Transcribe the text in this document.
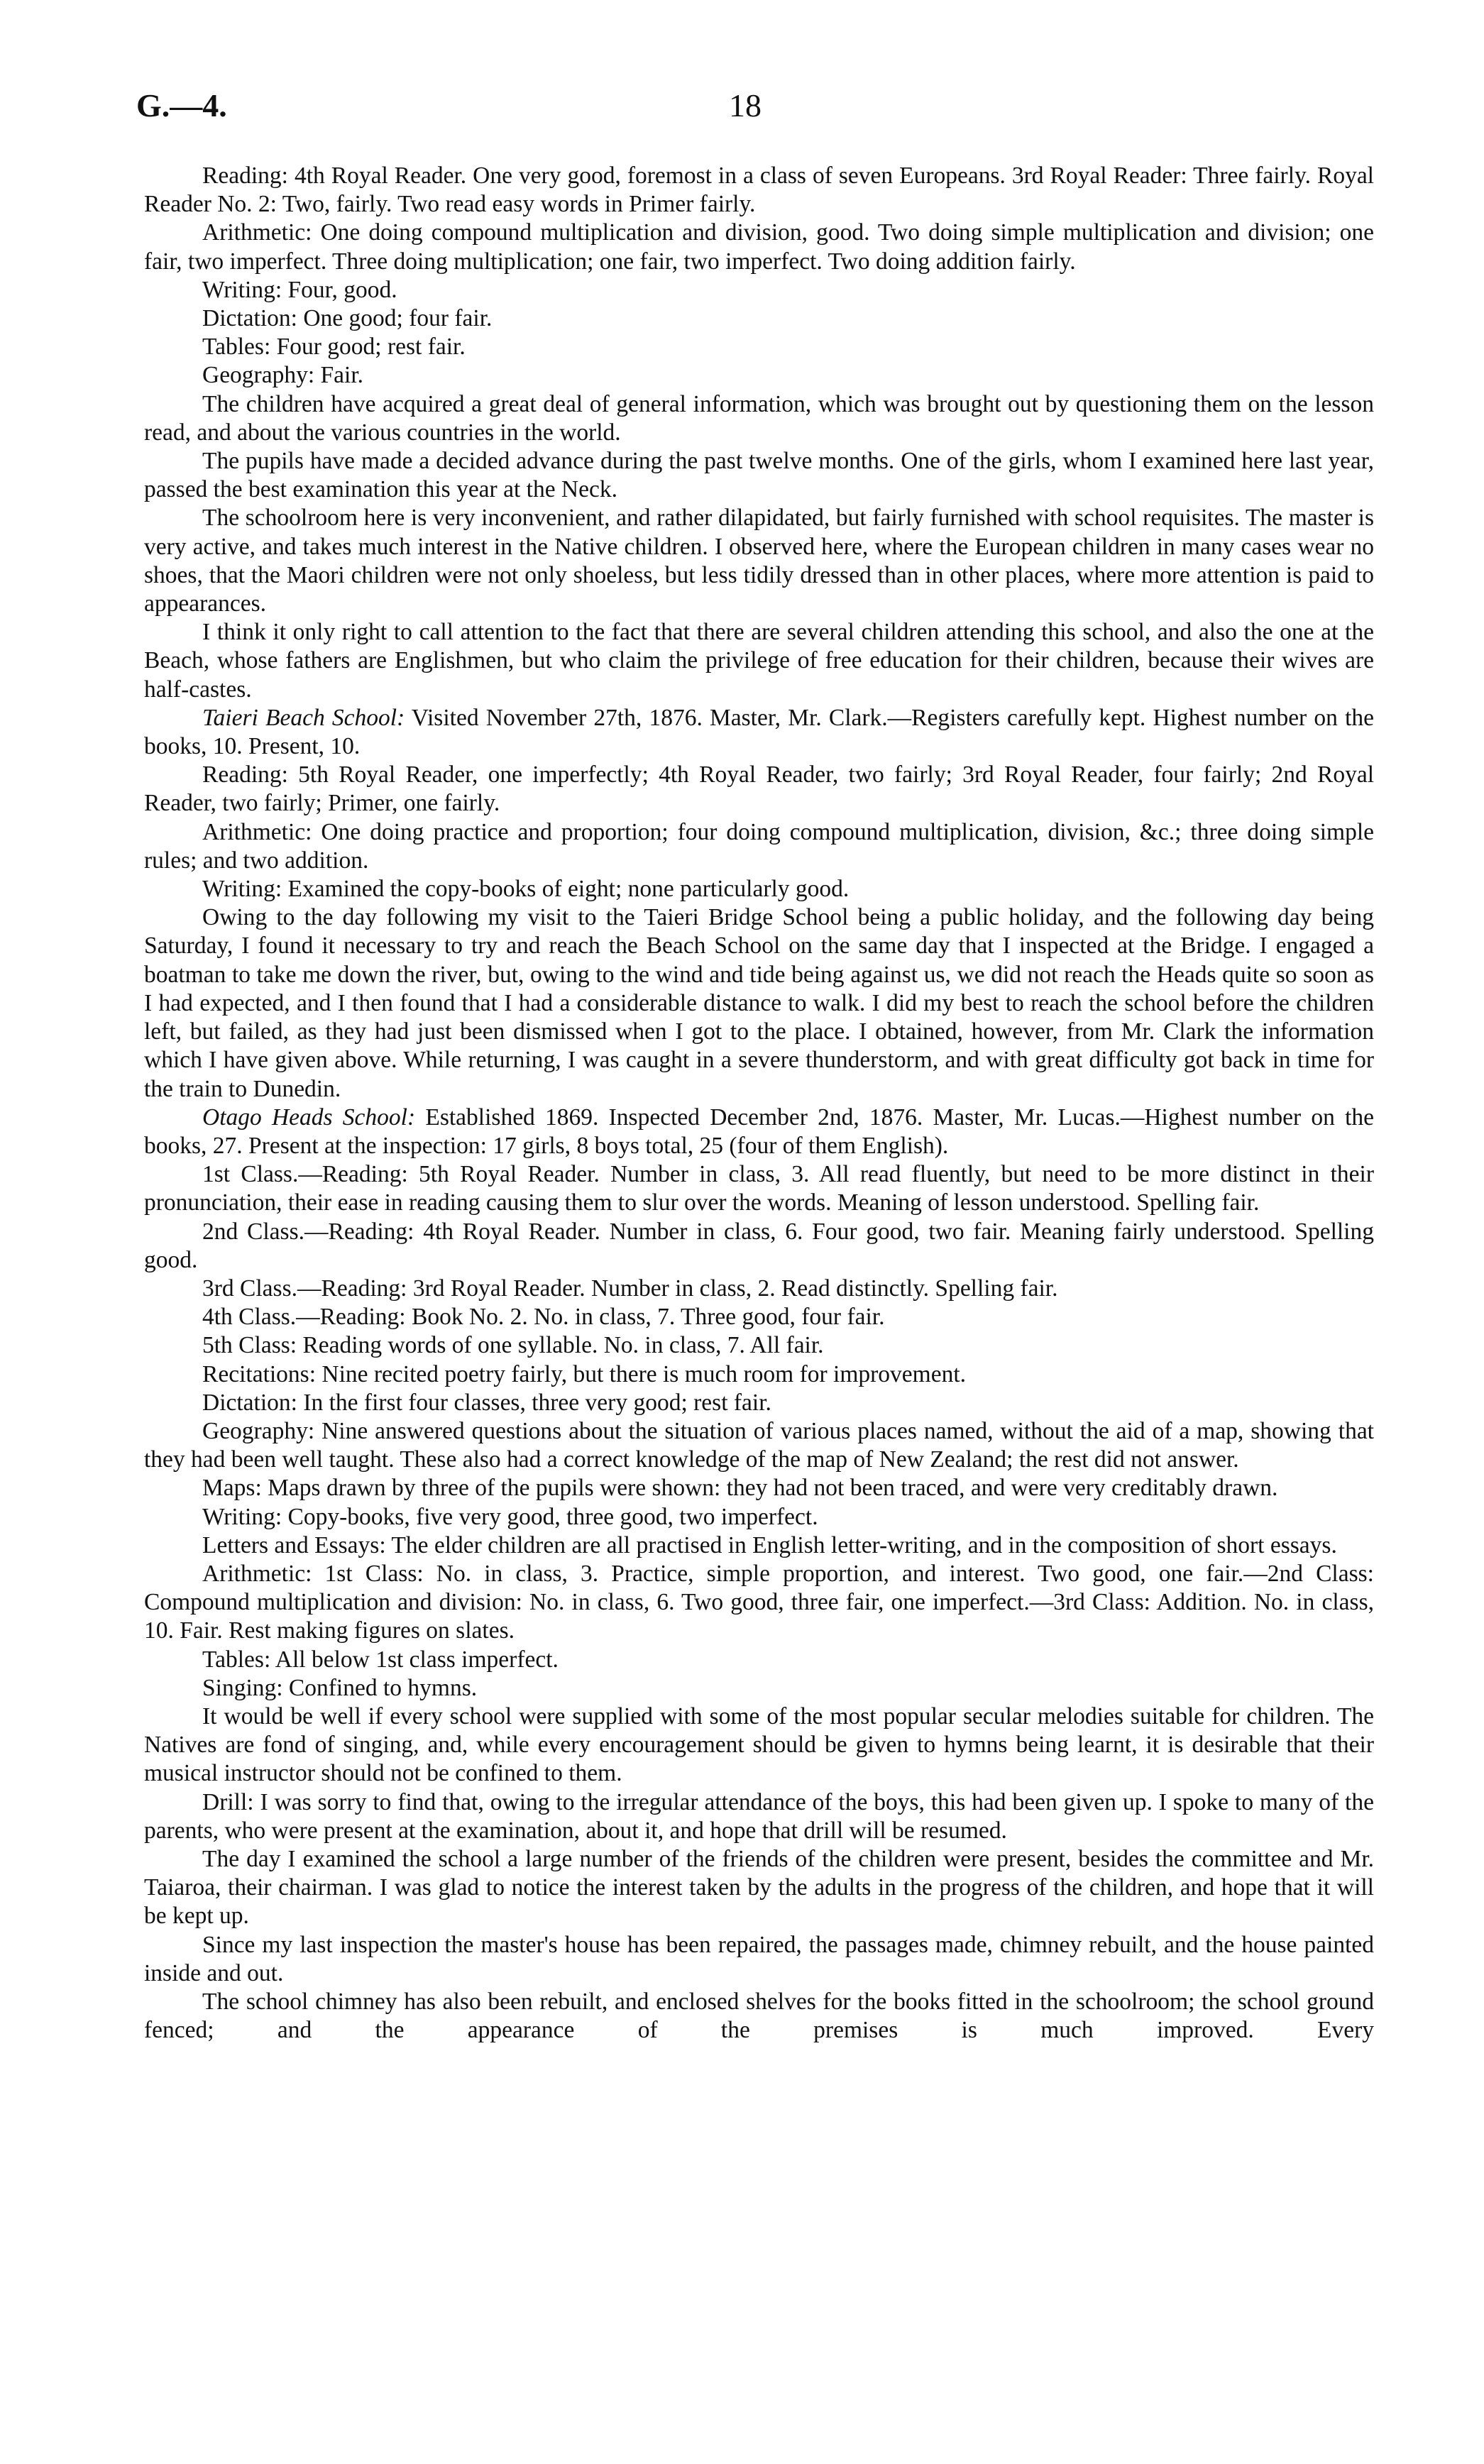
G.—4.	18

Reading: 4th Royal Reader. One very good, foremost in a class of seven Europeans. 3rd Royal Reader: Three fairly. Royal Reader No. 2: Two, fairly. Two read easy words in Primer fairly.

Arithmetic: One doing compound multiplication and division, good. Two doing simple multiplication and division; one fair, two imperfect. Three doing multiplication; one fair, two imperfect. Two doing addition fairly.

Writing: Four, good.

Dictation: One good; four fair.

Tables: Four good; rest fair.

Geography: Fair.

The children have acquired a great deal of general information, which was brought out by questioning them on the lesson read, and about the various countries in the world.

The pupils have made a decided advance during the past twelve months. One of the girls, whom I examined here last year, passed the best examination this year at the Neck.

The schoolroom here is very inconvenient, and rather dilapidated, but fairly furnished with school requisites. The master is very active, and takes much interest in the Native children. I observed here, where the European children in many cases wear no shoes, that the Maori children were not only shoeless, but less tidily dressed than in other places, where more attention is paid to appearances.

I think it only right to call attention to the fact that there are several children attending this school, and also the one at the Beach, whose fathers are Englishmen, but who claim the privilege of free education for their children, because their wives are half-castes.

Taieri Beach School: Visited November 27th, 1876. Master, Mr. Clark.—Registers carefully kept. Highest number on the books, 10. Present, 10.

Reading: 5th Royal Reader, one imperfectly; 4th Royal Reader, two fairly; 3rd Royal Reader, four fairly; 2nd Royal Reader, two fairly; Primer, one fairly.

Arithmetic: One doing practice and proportion; four doing compound multiplication, division, &c.; three doing simple rules; and two addition.

Writing: Examined the copy-books of eight; none particularly good.

Owing to the day following my visit to the Taieri Bridge School being a public holiday, and the following day being Saturday, I found it necessary to try and reach the Beach School on the same day that I inspected at the Bridge. I engaged a boatman to take me down the river, but, owing to the wind and tide being against us, we did not reach the Heads quite so soon as I had expected, and I then found that I had a considerable distance to walk. I did my best to reach the school before the children left, but failed, as they had just been dismissed when I got to the place. I obtained, however, from Mr. Clark the information which I have given above. While returning, I was caught in a severe thunderstorm, and with great difficulty got back in time for the train to Dunedin.

Otago Heads School: Established 1869. Inspected December 2nd, 1876. Master, Mr. Lucas.—Highest number on the books, 27. Present at the inspection: 17 girls, 8 boys total, 25 (four of them English).

1st Class.—Reading: 5th Royal Reader. Number in class, 3. All read fluently, but need to be more distinct in their pronunciation, their ease in reading causing them to slur over the words. Meaning of lesson understood. Spelling fair.

2nd Class.—Reading: 4th Royal Reader. Number in class, 6. Four good, two fair. Meaning fairly understood. Spelling good.

3rd Class.—Reading: 3rd Royal Reader. Number in class, 2. Read distinctly. Spelling fair.

4th Class.—Reading: Book No. 2. No. in class, 7. Three good, four fair.

5th Class: Reading words of one syllable. No. in class, 7. All fair.

Recitations: Nine recited poetry fairly, but there is much room for improvement.

Dictation: In the first four classes, three very good; rest fair.

Geography: Nine answered questions about the situation of various places named, without the aid of a map, showing that they had been well taught. These also had a correct knowledge of the map of New Zealand; the rest did not answer.

Maps: Maps drawn by three of the pupils were shown: they had not been traced, and were very creditably drawn.

Writing: Copy-books, five very good, three good, two imperfect.

Letters and Essays: The elder children are all practised in English letter-writing, and in the composition of short essays.

Arithmetic: 1st Class: No. in class, 3. Practice, simple proportion, and interest. Two good, one fair.—2nd Class: Compound multiplication and division: No. in class, 6. Two good, three fair, one imperfect.—3rd Class: Addition. No. in class, 10. Fair. Rest making figures on slates.

Tables: All below 1st class imperfect.

Singing: Confined to hymns.

It would be well if every school were supplied with some of the most popular secular melodies suitable for children. The Natives are fond of singing, and, while every encouragement should be given to hymns being learnt, it is desirable that their musical instructor should not be confined to them.

Drill: I was sorry to find that, owing to the irregular attendance of the boys, this had been given up. I spoke to many of the parents, who were present at the examination, about it, and hope that drill will be resumed.

The day I examined the school a large number of the friends of the children were present, besides the committee and Mr. Taiaroa, their chairman. I was glad to notice the interest taken by the adults in the progress of the children, and hope that it will be kept up.

Since my last inspection the master's house has been repaired, the passages made, chimney rebuilt, and the house painted inside and out.

The school chimney has also been rebuilt, and enclosed shelves for the books fitted in the schoolroom; the school ground fenced; and the appearance of the premises is much improved. Every
